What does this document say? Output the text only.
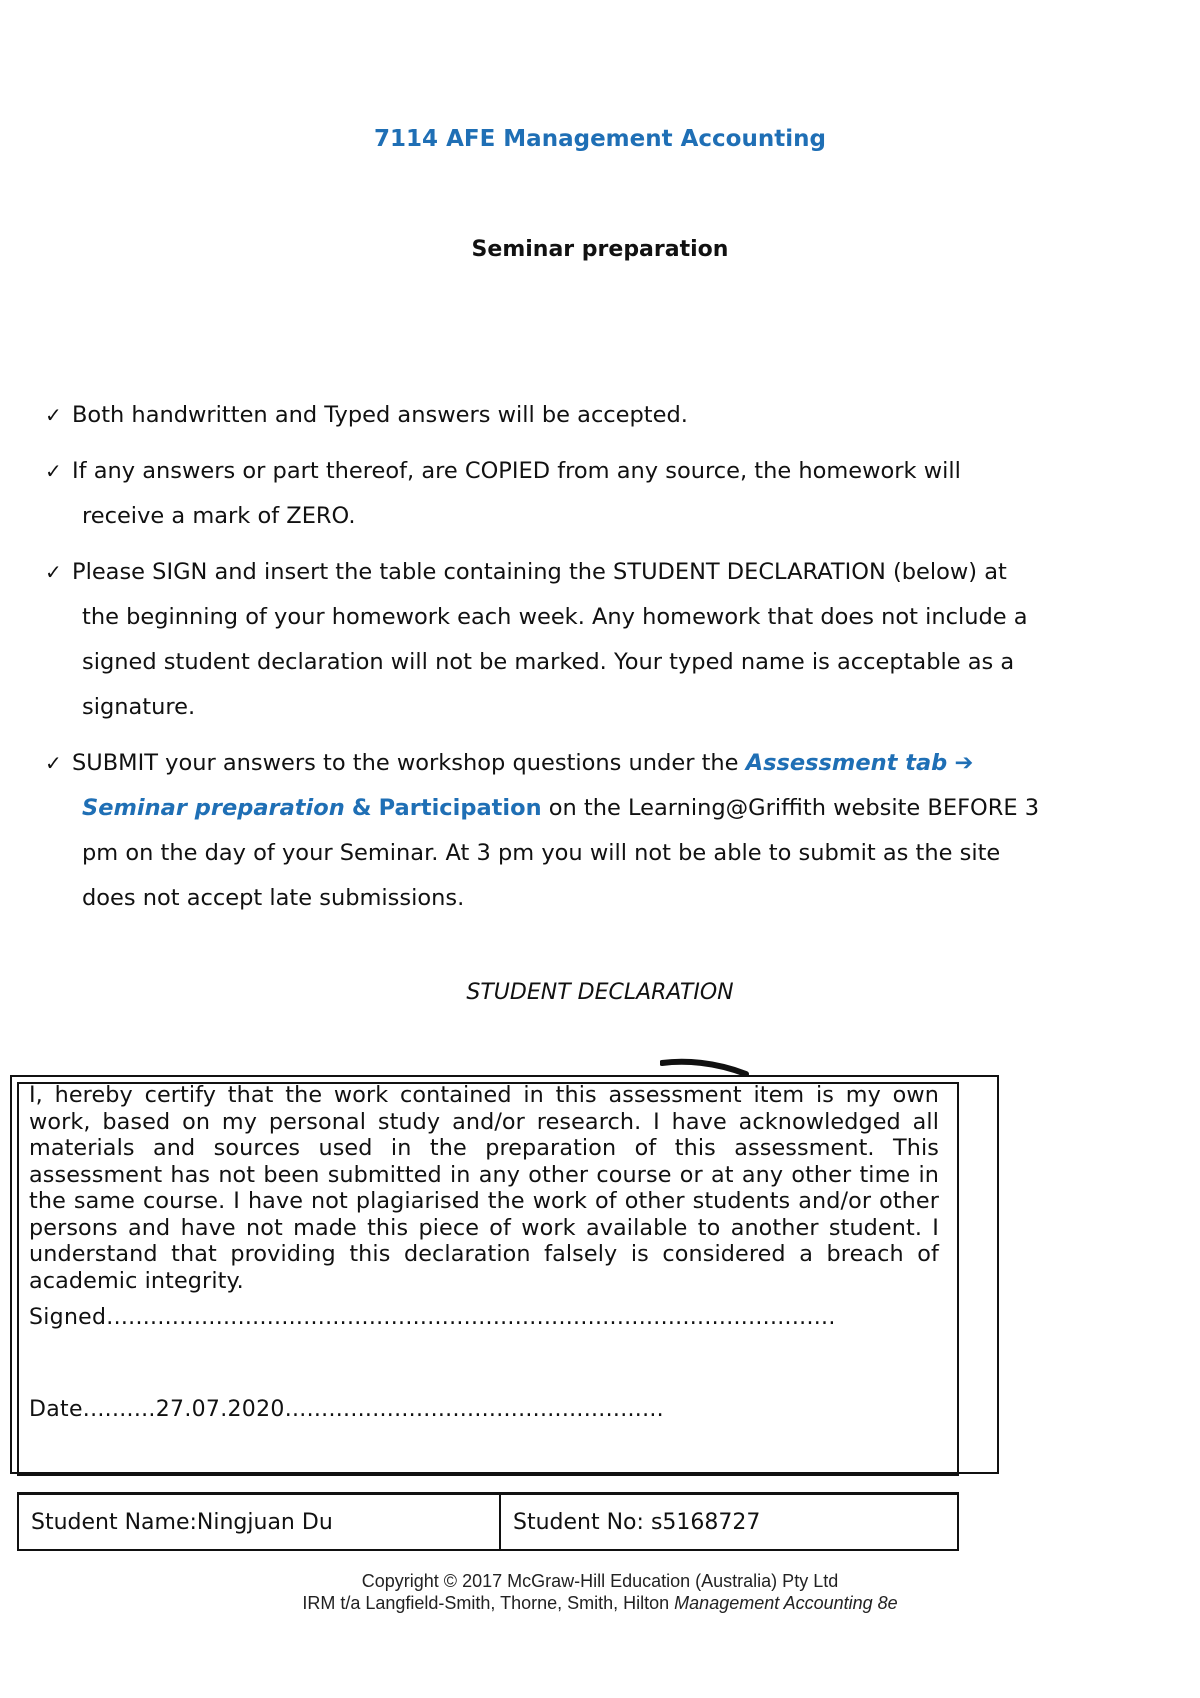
7114 AFE Management Accounting
Seminar preparation
✓ Both handwritten and Typed answers will be accepted.
✓ If any answers or part thereof, are COPIED from any source, the homework will
receive a mark of ZERO.
✓ Please SIGN and insert the table containing the STUDENT DECLARATION (below) at
the beginning of your homework each week. Any homework that does not include a
signed student declaration will not be marked. Your typed name is acceptable as a
signature.
✓ SUBMIT your answers to the workshop questions under the Assessment tab ➔
Seminar preparation & Participation on the Learning@Griffith website BEFORE 3
pm on the day of your Seminar. At 3 pm you will not be able to submit as the site
does not accept late submissions.
STUDENT DECLARATION
I, hereby certify that the work contained in this assessment item is my own work, based on my personal study and/or research. I have acknowledged all materials and sources used in the preparation of this assessment. This assessment has not been submitted in any other course or at any other time in the same course. I have not plagiarised the work of other students and/or other persons and have not made this piece of work available to another student. I understand that providing this declaration falsely is considered a breach of academic integrity.
Signed....................................................................................................
Date..........27.07.2020....................................................
Student Name: Ningjuan Du	Student No:
s5168727
Copyright © 2017 McGraw-Hill Education (Australia) Pty Ltd
IRM t/a Langfield-Smith, Thorne, Smith, Hilton Management Accounting 8e
